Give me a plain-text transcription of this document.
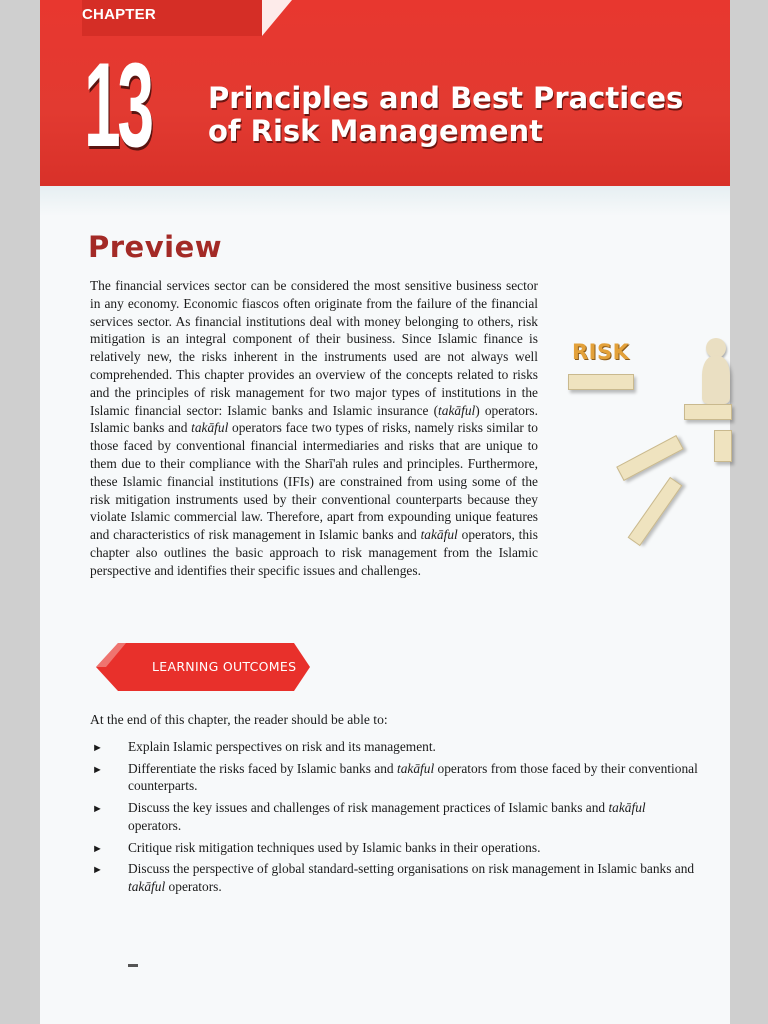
CHAPTER
13 Principles and Best Practices
of Risk Management
Preview

The financial services sector can be considered the most sensitive business sector in any economy. Economic fiascos often originate from the failure of the financial services sector. As financial institutions deal with money belonging to others, risk mitigation is an integral component of their business. Since Islamic finance is relatively new, the risks inherent in the instruments used are not always well comprehended. This chapter provides an overview of the concepts related to risks and the principles of risk management for two major types of institutions in the Islamic financial sector: Islamic banks and Islamic insurance (takāful) operators. Islamic banks and takāful operators face two types of risks, namely risks similar to those faced by conventional financial intermediaries and risks that are unique to them due to their compliance with the Sharī'ah rules and principles. Furthermore, these Islamic financial institutions (IFIs) are constrained from using some of the risk mitigation instruments used by their conventional counterparts because they violate Islamic commercial law. Therefore, apart from expounding unique features and characteristics of risk management in Islamic banks and takāful operators, this chapter also outlines the basic approach to risk management from the Islamic perspective and identifies their specific issues and challenges.

RISK
LEARNING OUTCOMES
At the end of this chapter, the reader should be able to:
► Explain Islamic perspectives on risk and its management.
► Differentiate the risks faced by Islamic banks and takāful operators from those faced by their conventional counterparts.
► Discuss the key issues and challenges of risk management practices of Islamic banks and takāful operators.
► Critique risk mitigation techniques used by Islamic banks in their operations.
► Discuss the perspective of global standard-setting organisations on risk management in Islamic banks and takāful operators.
